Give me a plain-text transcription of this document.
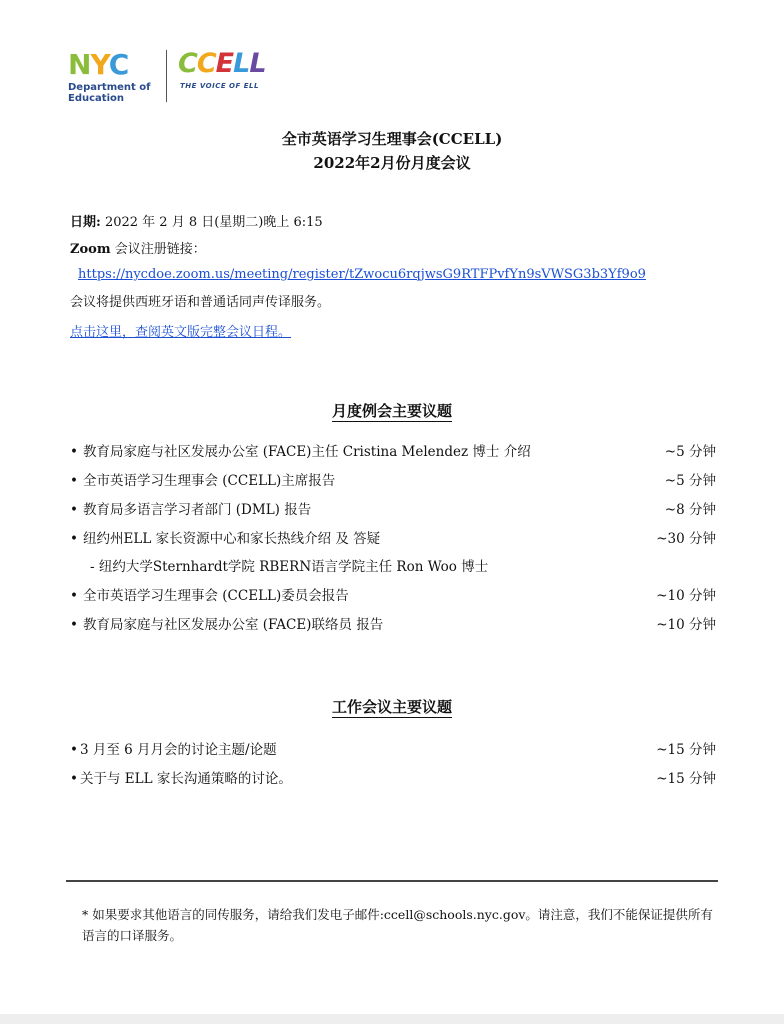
NYC
Department of
Education
CCELL
THE VOICE OF ELL
全市英语学习生理事会(CCELL)
2022年2月份月度会议
日期: 2022 年 2 月 8 日(星期二)晚上 6:15
Zoom 会议注册链接：
https://nycdoe.zoom.us/meeting/register/tZwocu6rqjwsG9RTFPvfYn9sVWSG3b3Yf9o9
会议将提供西班牙语和普通话同声传译服务。
点击这里，查阅英文版完整会议日程。
月度例会主要议题
• 教育局家庭与社区发展办公室 (FACE)主任 Cristina Melendez 博士 介绍	~5 分钟
• 全市英语学习生理事会 (CCELL)主席报告	~5 分钟
• 教育局多语言学习者部门 (DML) 报告	~8 分钟
• 纽约州ELL 家长资源中心和家长热线介绍 及 答疑	~30 分钟
- 纽约大学Sternhardt学院 RBERN语言学院主任 Ron Woo 博士
• 全市英语学习生理事会 (CCELL)委员会报告	~10 分钟
• 教育局家庭与社区发展办公室 (FACE)联络员 报告	~10 分钟
工作会议主要议题
• 3 月至 6 月月会的讨论主题/论题	~15 分钟
• 关于与 ELL 家长沟通策略的讨论。	~15 分钟
* 如果要求其他语言的同传服务，请给我们发电子邮件:ccell@schools.nyc.gov。请注意，我们不能保证提供所有语言的口译服务。
